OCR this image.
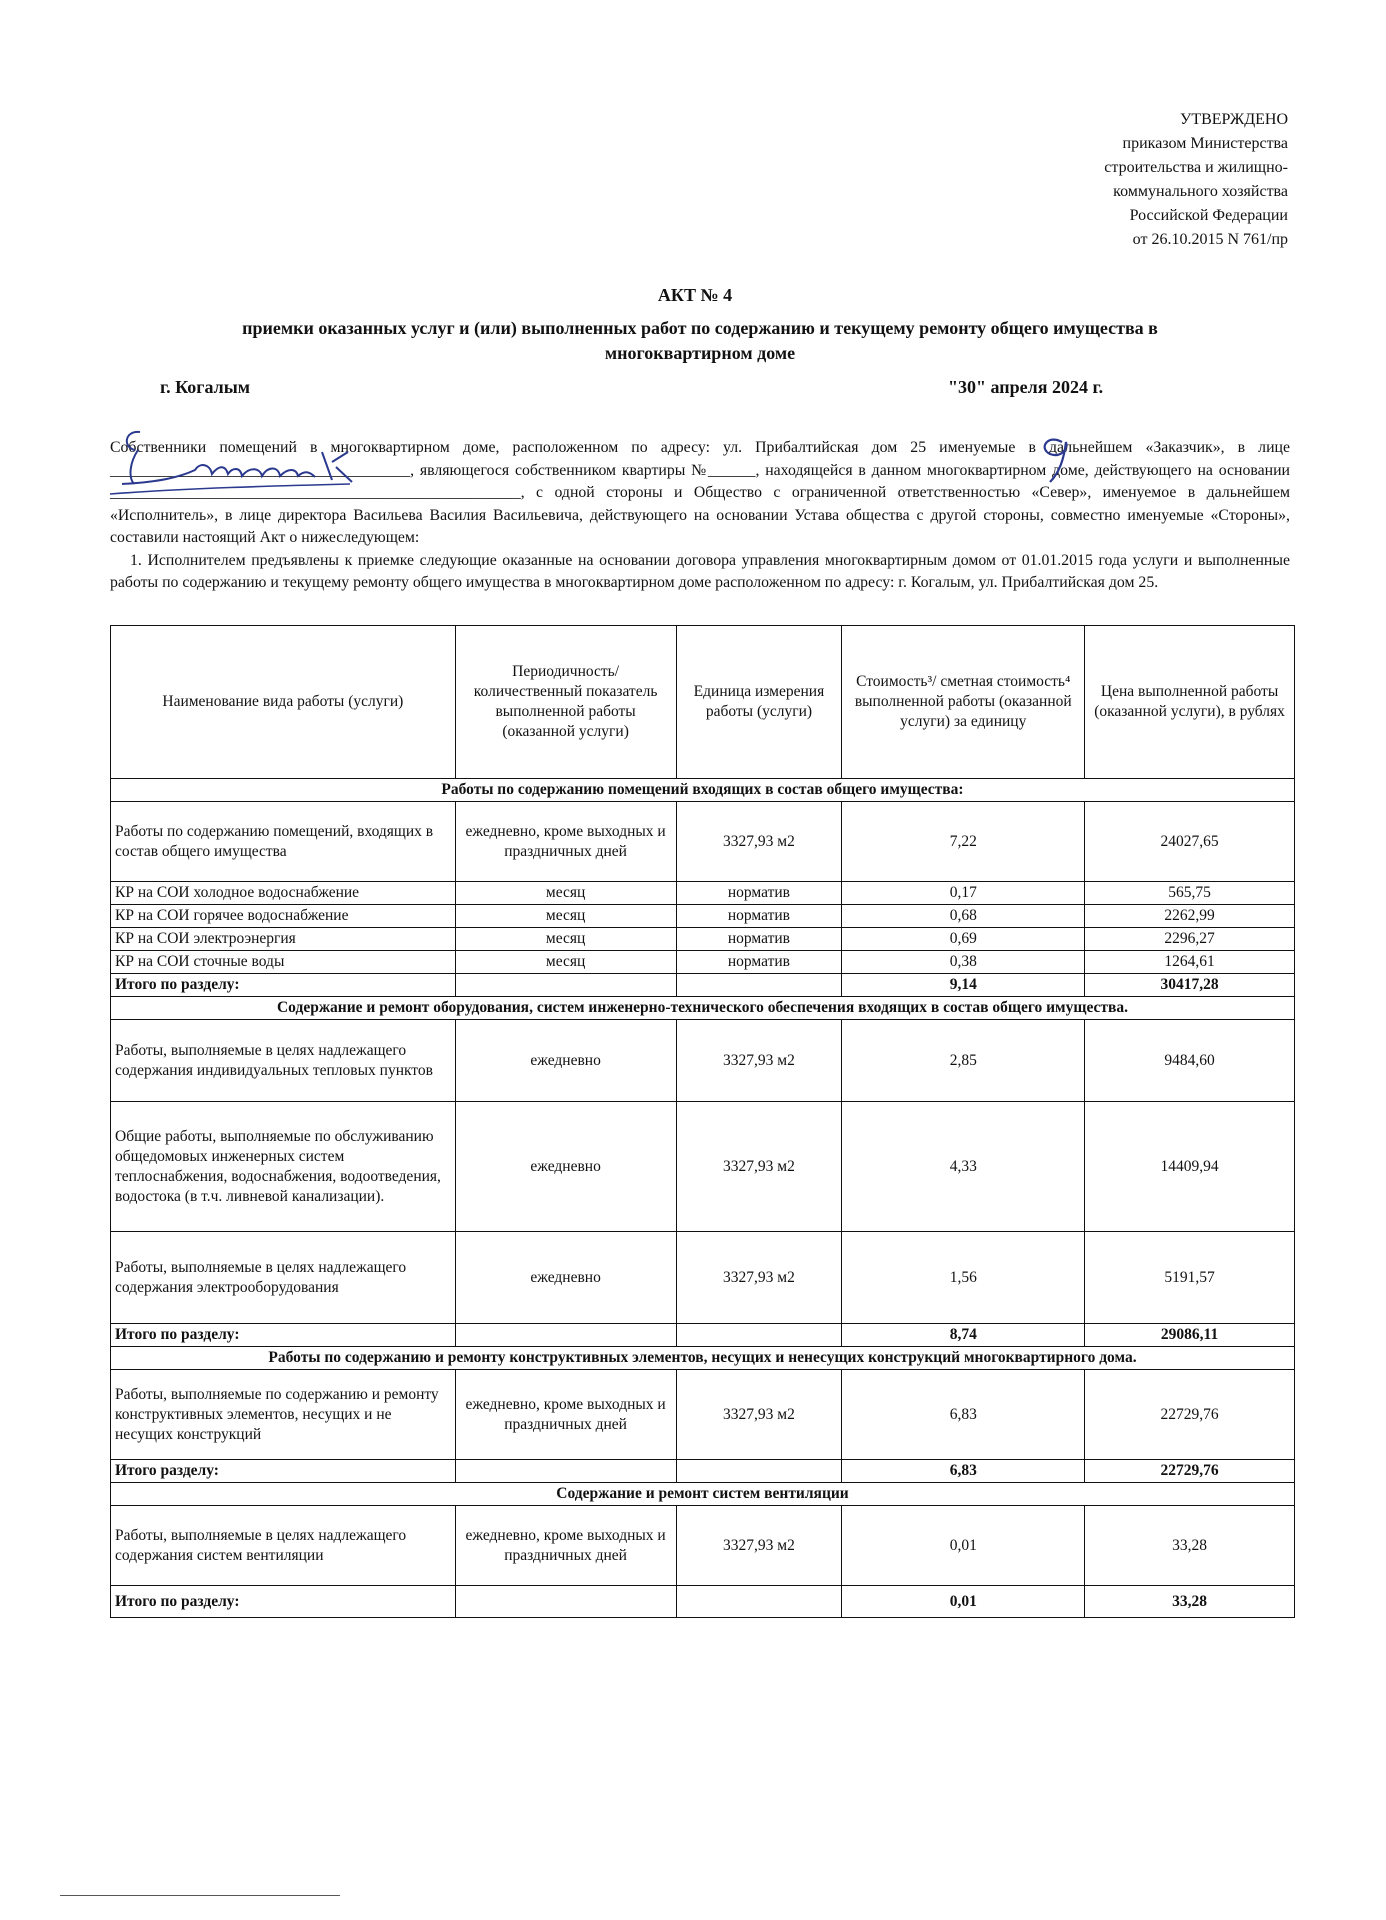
УТВЕРЖДЕНО
приказом Министерства
строительства и жилищно-
коммунального хозяйства
Российской Федерации
от 26.10.2015 N 761/пр
АКТ № 4
приемки оказанных услуг и (или) выполненных работ по содержанию и текущему ремонту общего имущества в многоквартирном доме
г. Когалым	"30" апреля 2024 г.

Собственники помещений в многоквартирном доме, расположенном по адресу: ул. Прибалтийская дом 25 именуемые в дальнейшем «Заказчик», в лице ______________________________________, являющегося собственником квартиры №______, находящейся в данном многоквартирном доме, действующего на основании ____________________________________________________, с одной стороны и Общество с ограниченной ответственностью «Север», именуемое в дальнейшем «Исполнитель», в лице директора Васильева Василия Васильевича, действующего на основании Устава общества с другой стороны, совместно именуемые «Стороны», составили настоящий Акт о нижеследующем:

1. Исполнителем предъявлены к приемке следующие оказанные на основании договора управления многоквартирным домом от 01.01.2015 года услуги и выполненные работы по содержанию и текущему ремонту общего имущества в многоквартирном доме расположенном по адресу: г. Когалым, ул. Прибалтийская дом 25.

Наименование вида работы (услуги)	Периодичность/ количественный показатель выполненной работы (оказанной услуги)	Единица измерения работы (услуги)	Стоимость³/ сметная стоимость⁴ выполненной работы (оказанной услуги) за единицу	Цена выполненной работы (оказанной услуги), в рублях
Работы по содержанию помещений входящих в состав общего имущества:				
Работы по содержанию помещений, входящих в состав общего имущества	ежедневно, кроме выходных и праздничных дней	3327,93 м2	7,22	24027,65
КР на СОИ холодное водоснабжение	месяц	норматив	0,17	565,75
КР на СОИ горячее водоснабжение	месяц	норматив	0,68	2262,99
КР на СОИ электроэнергия	месяц	норматив	0,69	2296,27
КР на СОИ сточные воды	месяц	норматив	0,38	1264,61
Итого по разделу:			9,14	30417,28
Содержание и ремонт оборудования, систем инженерно-технического обеспечения входящих в состав общего имущества.				
Работы, выполняемые в целях надлежащего содержания индивидуальных тепловых пунктов	ежедневно	3327,93 м2	2,85	9484,60
Общие работы, выполняемые по обслуживанию общедомовых инженерных систем теплоснабжения, водоснабжения, водоотведения, водостока (в т.ч. ливневой канализации).	ежедневно	3327,93 м2	4,33	14409,94
Работы, выполняемые в целях надлежащего содержания электрооборудования	ежедневно	3327,93 м2	1,56	5191,57
Итого по разделу:			8,74	29086,11
Работы по содержанию и ремонту конструктивных элементов, несущих и ненесущих конструкций многоквартирного дома.				
Работы, выполняемые по содержанию и ремонту конструктивных элементов, несущих и не несущих конструкций	ежедневно, кроме выходных и праздничных дней	3327,93 м2	6,83	22729,76
Итого разделу:			6,83	22729,76
Содержание и ремонт систем вентиляции				
Работы, выполняемые в целях надлежащего содержания систем вентиляции	ежедневно, кроме выходных и праздничных дней	3327,93 м2	0,01	33,28
Итого по разделу:			0,01	33,28
